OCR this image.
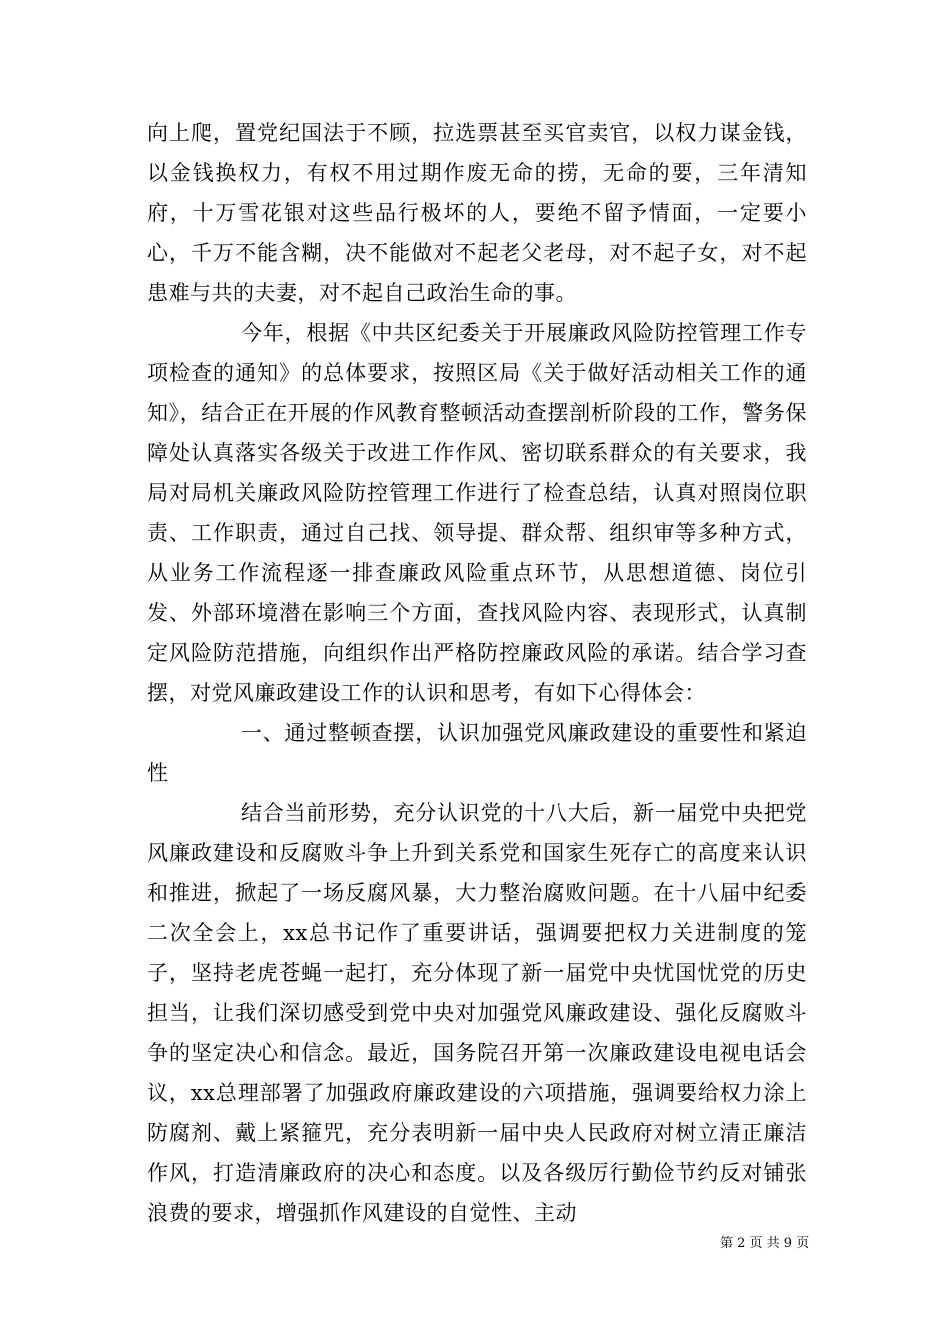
向上爬，置党纪国法于不顾，拉选票甚至买官卖官，以权力谋金钱，以金钱换权力，有权不用过期作废无命的捞，无命的要，三年清知府，十万雪花银对这些品行极坏的人，要绝不留予情面，一定要小心，千万不能含糊，决不能做对不起老父老母，对不起子女，对不起患难与共的夫妻，对不起自己政治生命的事。

今年，根据《中共区纪委关于开展廉政风险防控管理工作专项检查的通知》的总体要求，按照区局《关于做好活动相关工作的通知》，结合正在开展的作风教育整顿活动查摆剖析阶段的工作，警务保障处认真落实各级关于改进工作作风、密切联系群众的有关要求，我局对局机关廉政风险防控管理工作进行了检查总结，认真对照岗位职责、工作职责，通过自己找、领导提、群众帮、组织审等多种方式，从业务工作流程逐一排查廉政风险重点环节，从思想道德、岗位引发、外部环境潜在影响三个方面，查找风险内容、表现形式，认真制定风险防范措施，向组织作出严格防控廉政风险的承诺。结合学习查摆，对党风廉政建设工作的认识和思考，有如下心得体会：

一、通过整顿查摆，认识加强党风廉政建设的重要性和紧迫性

结合当前形势，充分认识党的十八大后，新一届党中央把党风廉政建设和反腐败斗争上升到关系党和国家生死存亡的高度来认识和推进，掀起了一场反腐风暴，大力整治腐败问题。在十八届中纪委二次全会上，xx总书记作了重要讲话，强调要把权力关进制度的笼子，坚持老虎苍蝇一起打，充分体现了新一届党中央忧国忧党的历史担当，让我们深切感受到党中央对加强党风廉政建设、强化反腐败斗争的坚定决心和信念。最近，国务院召开第一次廉政建设电视电话会议，xx总理部署了加强政府廉政建设的六项措施，强调要给权力涂上防腐剂、戴上紧箍咒，充分表明新一届中央人民政府对树立清正廉洁作风，打造清廉政府的决心和态度。以及各级厉行勤俭节约反对铺张浪费的要求，增强抓作风建设的自觉性、主动

第 2 页 共 9 页
